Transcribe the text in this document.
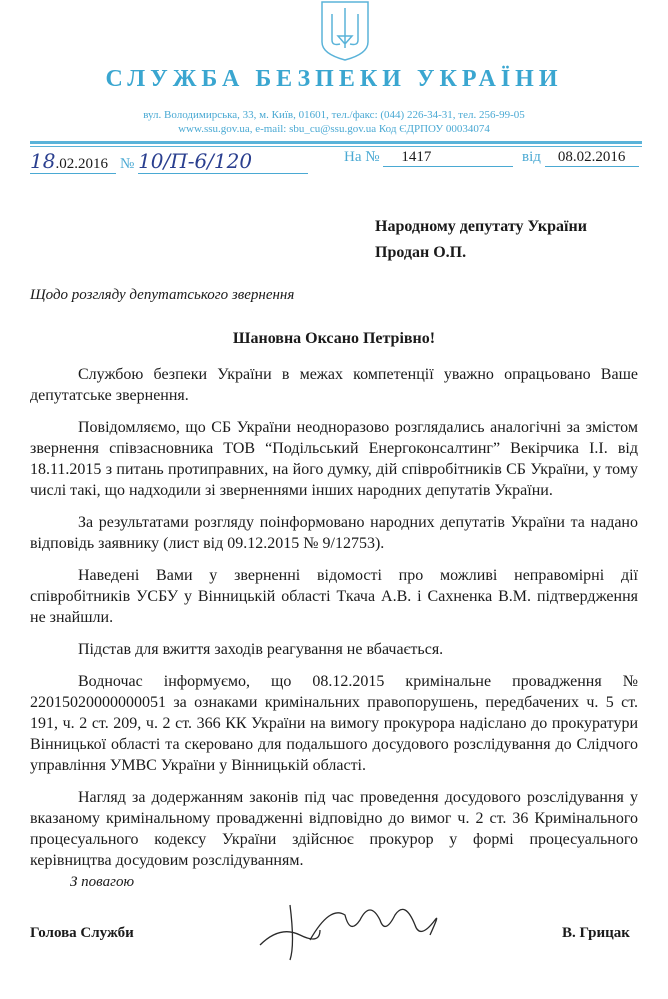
СЛУЖБА БЕЗПЕКИ УКРАЇНИ
вул. Володимирська, 33, м. Київ, 01601, тел./факс: (044) 226-34-31, тел. 256-99-05
www.ssu.gov.ua, e-mail: sbu_cu@ssu.gov.ua Код ЄДРПОУ 00034074
18.02.2016 № 10/П-6/120	На № 1417	від 08.02.2016
Народному депутату України
Продан О.П.
Щодо розгляду депутатського звернення
Шановна Оксано Петрівно!

Службою безпеки України в межах компетенції уважно опрацьовано Ваше депутатське звернення.

Повідомляємо, що СБ України неодноразово розглядались аналогічні за змістом звернення співзасновника ТОВ “Подільський Енергоконсалтинг” Векірчика І.І. від 18.11.2015 з питань протиправних, на його думку, дій співробітників СБ України, у тому числі такі, що надходили зі зверненнями інших народних депутатів України.

За результатами розгляду поінформовано народних депутатів України та надано відповідь заявнику (лист від 09.12.2015 № 9/12753).

Наведені Вами у зверненні відомості про можливі неправомірні дії співробітників УСБУ у Вінницькій області Ткача А.В. і Сахненка В.М. підтвердження не знайшли.

Підстав для вжиття заходів реагування не вбачається.

Водночас інформуємо, що 08.12.2015 кримінальне провадження № 22015020000000051 за ознаками кримінальних правопорушень, передбачених ч. 5 ст. 191, ч. 2 ст. 209, ч. 2 ст. 366 КК України на вимогу прокурора надіслано до прокуратури Вінницької області та скеровано для подальшого досудового розслідування до Слідчого управління УМВС України у Вінницькій області.

Нагляд за додержанням законів під час проведення досудового розслідування у вказаному кримінальному провадженні відповідно до вимог ч. 2 ст. 36 Кримінального процесуального кодексу України здійснює прокурор у формі процесуального керівництва досудовим розслідуванням.

З повагою
Голова Служби	В. Грицак
